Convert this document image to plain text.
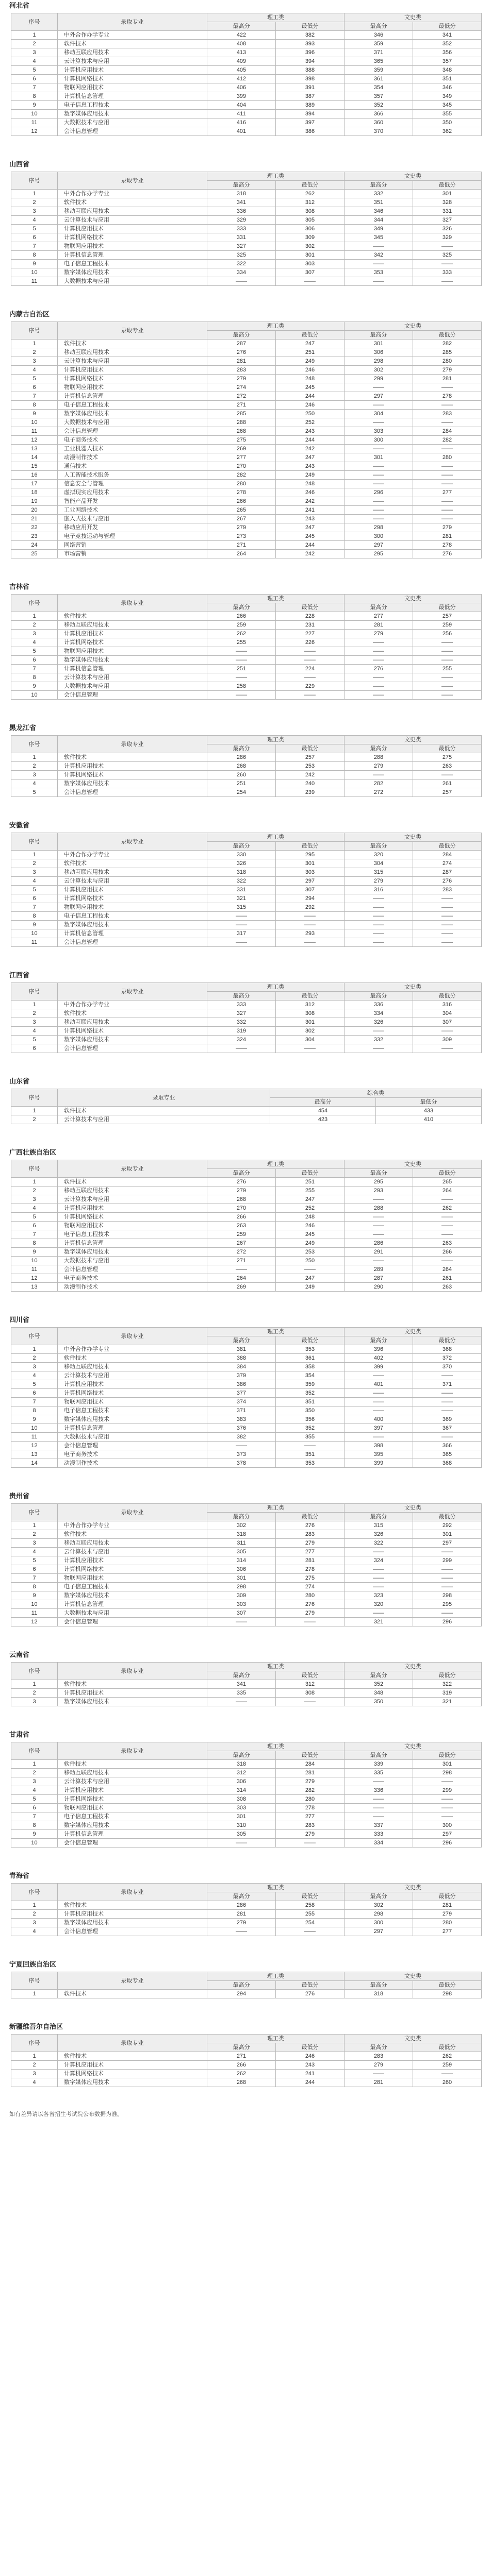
河北省
序号	录取专业	理工类		文史类	
		最高分	最低分	最高分	最低分
1	中外合作办学专业	422	382	346	341
2	软件技术	408	393	359	352
3	移动互联应用技术	413	396	371	356
4	云计算技术与应用	409	394	365	357
5	计算机应用技术	405	388	359	348
6	计算机网络技术	412	398	361	351
7	物联网应用技术	406	391	354	346
8	计算机信息管理	399	387	357	349
9	电子信息工程技术	404	389	352	345
10	数字媒体应用技术	411	394	366	355
11	大数据技术与应用	416	397	360	350
12	会计信息管理	401	386	370	362
山西省
序号	录取专业	理工类		文史类	
		最高分	最低分	最高分	最低分
1	中外合作办学专业	318	262	332	301
2	软件技术	341	312	351	328
3	移动互联应用技术	336	308	346	331
4	云计算技术与应用	329	305	344	327
5	计算机应用技术	333	306	349	326
6	计算机网络技术	331	309	345	329
7	物联网应用技术	327	302	——	——
8	计算机信息管理	325	301	342	325
9	电子信息工程技术	322	303	——	——
10	数字媒体应用技术	334	307	353	333
11	大数据技术与应用	——	——	——	——
内蒙古自治区
序号	录取专业	理工类		文史类	
		最高分	最低分	最高分	最低分
1	软件技术	287	247	301	282
2	移动互联应用技术	276	251	306	285
3	云计算技术与应用	281	249	298	280
4	计算机应用技术	283	246	302	279
5	计算机网络技术	279	248	299	281
6	物联网应用技术	274	245	——	——
7	计算机信息管理	272	244	297	278
8	电子信息工程技术	271	246	——	——
9	数字媒体应用技术	285	250	304	283
10	大数据技术与应用	288	252	——	——
11	会计信息管理	268	243	303	284
12	电子商务技术	275	244	300	282
13	工业机器人技术	269	242	——	——
14	动漫制作技术	277	247	301	280
15	通信技术	270	243	——	——
16	人工智能技术服务	282	249	——	——
17	信息安全与管理	280	248	——	——
18	虚拟现实应用技术	278	246	296	277
19	智能产品开发	266	242	——	——
20	工业网络技术	265	241	——	——
21	嵌入式技术与应用	267	243	——	——
22	移动应用开发	279	247	298	279
23	电子竞技运动与管理	273	245	300	281
24	网络营销	271	244	297	278
25	市场营销	264	242	295	276
吉林省
序号	录取专业	理工类		文史类	
		最高分	最低分	最高分	最低分
1	软件技术	266	228	277	257
2	移动互联应用技术	259	231	281	259
3	计算机应用技术	262	227	279	256
4	计算机网络技术	255	226	——	——
5	物联网应用技术	——	——	——	——
6	数字媒体应用技术	——	——	——	——
7	计算机信息管理	251	224	276	255
8	云计算技术与应用	——	——	——	——
9	大数据技术与应用	258	229	——	——
10	会计信息管理	——	——	——	——
黑龙江省
序号	录取专业	理工类		文史类	
		最高分	最低分	最高分	最低分
1	软件技术	286	257	288	275
2	计算机应用技术	268	253	279	263
3	计算机网络技术	260	242	——	——
4	数字媒体应用技术	251	240	282	261
5	会计信息管理	254	239	272	257
安徽省
序号	录取专业	理工类		文史类	
		最高分	最低分	最高分	最低分
1	中外合作办学专业	330	295	320	284
2	软件技术	326	301	304	274
3	移动互联应用技术	318	303	315	287
4	云计算技术与应用	322	297	279	276
5	计算机应用技术	331	307	316	283
6	计算机网络技术	321	294	——	——
7	物联网应用技术	315	292	——	——
8	电子信息工程技术	——	——	——	——
9	数字媒体应用技术	——	——	——	——
10	计算机信息管理	317	293	——	——
11	会计信息管理	——	——	——	——
江西省
序号	录取专业	理工类		文史类	
		最高分	最低分	最高分	最低分
1	中外合作办学专业	333	312	336	316
2	软件技术	327	308	334	304
3	移动互联应用技术	332	301	326	307
4	计算机网络技术	319	302	——	——
5	数字媒体应用技术	324	304	332	309
6	会计信息管理	——	——	——	——
山东省
序号	录取专业	综合类	
		最高分	最低分
1	软件技术	454	433
2	云计算技术与应用	423	410
广西壮族自治区
序号	录取专业	理工类		文史类	
		最高分	最低分	最高分	最低分
1	软件技术	276	251	295	265
2	移动互联应用技术	279	255	293	264
3	云计算技术与应用	268	247	——	——
4	计算机应用技术	270	252	288	262
5	计算机网络技术	266	248	——	——
6	物联网应用技术	263	246	——	——
7	电子信息工程技术	259	245	——	——
8	计算机信息管理	267	249	286	263
9	数字媒体应用技术	272	253	291	266
10	大数据技术与应用	271	250	——	——
11	会计信息管理	——	——	289	264
12	电子商务技术	264	247	287	261
13	动漫制作技术	269	249	290	263
四川省
序号	录取专业	理工类		文史类	
		最高分	最低分	最高分	最低分
1	中外合作办学专业	381	353	396	368
2	软件技术	388	361	402	372
3	移动互联应用技术	384	358	399	370
4	云计算技术与应用	379	354	——	——
5	计算机应用技术	386	359	401	371
6	计算机网络技术	377	352	——	——
7	物联网应用技术	374	351	——	——
8	电子信息工程技术	371	350	——	——
9	数字媒体应用技术	383	356	400	369
10	计算机信息管理	376	352	397	367
11	大数据技术与应用	382	355	——	——
12	会计信息管理	——	——	398	366
13	电子商务技术	373	351	395	365
14	动漫制作技术	378	353	399	368
贵州省
序号	录取专业	理工类		文史类	
		最高分	最低分	最高分	最低分
1	中外合作办学专业	302	276	315	292
2	软件技术	318	283	326	301
3	移动互联应用技术	311	279	322	297
4	云计算技术与应用	305	277	——	——
5	计算机应用技术	314	281	324	299
6	计算机网络技术	306	278	——	——
7	物联网应用技术	301	275	——	——
8	电子信息工程技术	298	274	——	——
9	数字媒体应用技术	309	280	323	298
10	计算机信息管理	303	276	320	295
11	大数据技术与应用	307	279	——	——
12	会计信息管理	——	——	321	296
云南省
序号	录取专业	理工类		文史类	
		最高分	最低分	最高分	最低分
1	软件技术	341	312	352	322
2	计算机应用技术	335	308	348	319
3	数字媒体应用技术	——	——	350	321
甘肃省
序号	录取专业	理工类		文史类	
		最高分	最低分	最高分	最低分
1	软件技术	318	284	339	301
2	移动互联应用技术	312	281	335	298
3	云计算技术与应用	306	279	——	——
4	计算机应用技术	314	282	336	299
5	计算机网络技术	308	280	——	——
6	物联网应用技术	303	278	——	——
7	电子信息工程技术	301	277	——	——
8	数字媒体应用技术	310	283	337	300
9	计算机信息管理	305	279	333	297
10	会计信息管理	——	——	334	296
青海省
序号	录取专业	理工类		文史类	
		最高分	最低分	最高分	最低分
1	软件技术	286	258	302	281
2	计算机应用技术	281	255	298	279
3	数字媒体应用技术	279	254	300	280
4	会计信息管理	——	——	297	277
宁夏回族自治区
序号	录取专业	理工类		文史类	
		最高分	最低分	最高分	最低分
1	软件技术	294	276	318	298
新疆维吾尔自治区
序号	录取专业	理工类		文史类	
		最高分	最低分	最高分	最低分
1	软件技术	271	246	283	262
2	计算机应用技术	266	243	279	259
3	计算机网络技术	262	241	——	——
4	数字媒体应用技术	268	244	281	260
如有差异请以各省招生考试院公布数据为准。
